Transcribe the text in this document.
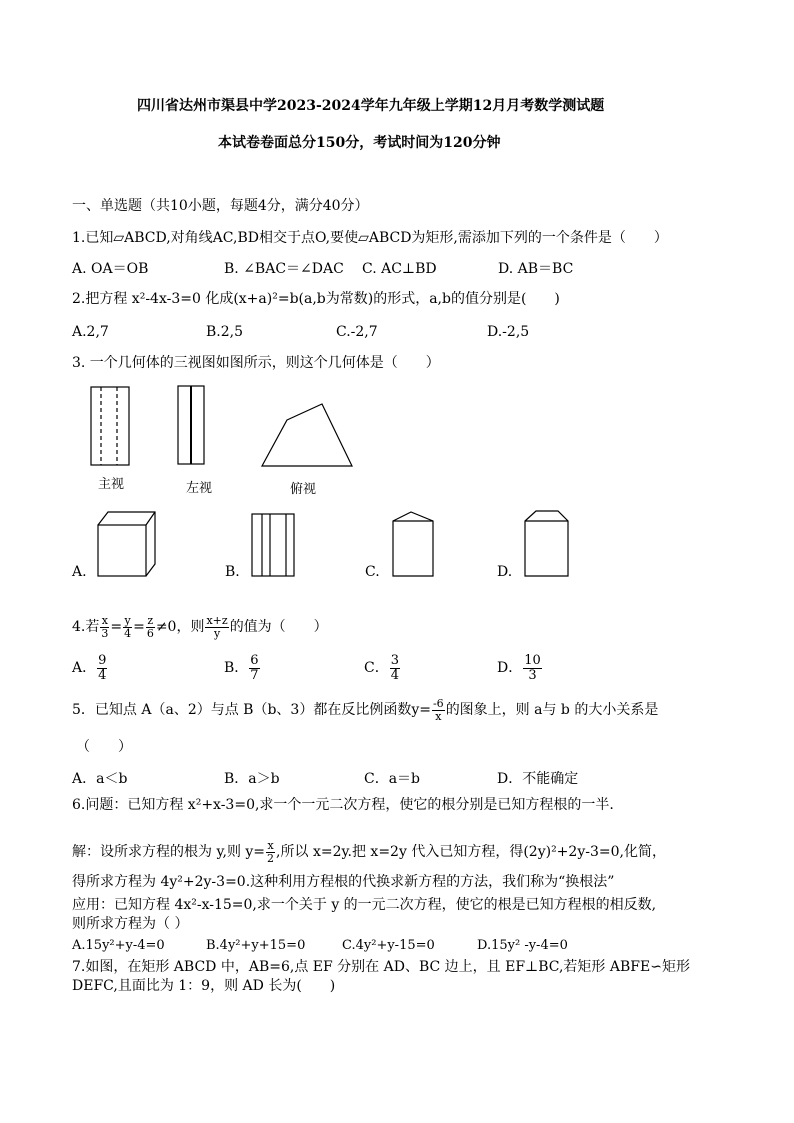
四川省达州市渠县中学2023-2024学年九年级上学期12月月考数学测试题
本试卷卷面总分150分，考试时间为120分钟
一、单选题（共10小题，每题4分，满分40分）
1.已知▱ABCD,对角线AC,BD相交于点O,要使▱ABCD为矩形,需添加下列的一个条件是（　　）
A. OA＝OB	B. ∠BAC＝∠DAC C. AC⊥BD	D. AB＝BC
2.把方程 x²-4x-3=0 化成(x+a)²=b(a,b为常数)的形式，a,b的值分别是(　　)
A.2,7	B.2,5	C.-2,7	D.-2,5
3. 一个几何体的三视图如图所示，则这个几何体是（　　）
主视	左视	俯视
A.	B.	C.	D.
4.若 $\frac{x}{3} = \frac{y}{4} = \frac{z}{6} \ne 0$，则 $\frac{x+z}{y}$ 的值为（　　）
A． $\frac{9}{4}$	B． $\frac{6}{7}$	C． $\frac{3}{4}$	D． $\frac{10}{3}$
5．已知点 A（a、2）与点 B（b、3）都在反比例函数$y= \frac{-6}{x}$ 的图象上，则 a与 b 的大小关系是
（　　）
A．a＜b	B．a＞b	C．a＝b	D．不能确定
6.问题：已知方程 x²+x-3=0,求一个一元二次方程，使它的根分别是已知方程根的一半.
解：设所求方程的根为 y,则 $y= \frac{x}{2}$ ,所以 x=2y.把 x=2y 代入已知方程，得(2y)²+2y-3=0,化简，
得所求方程为 4y²+2y-3=0.这种利用方程根的代换求新方程的方法，我们称为“换根法”
应用：已知方程 4x²-x-15=0,求一个关于 y 的一元二次方程，使它的根是已知方程根的相反数,
则所求方程为（ ）
A.15y²+y-4=0	B.4y²+y+15=0	C.4y²+y-15=0	D.15y² -y-4=0
7.如图，在矩形 ABCD 中，AB=6,点 EF 分别在 AD、BC 边上，且 EF⊥BC,若矩形 ABFE∽矩形
DEFC,且面比为 1：9，则 AD 长为(　　)
